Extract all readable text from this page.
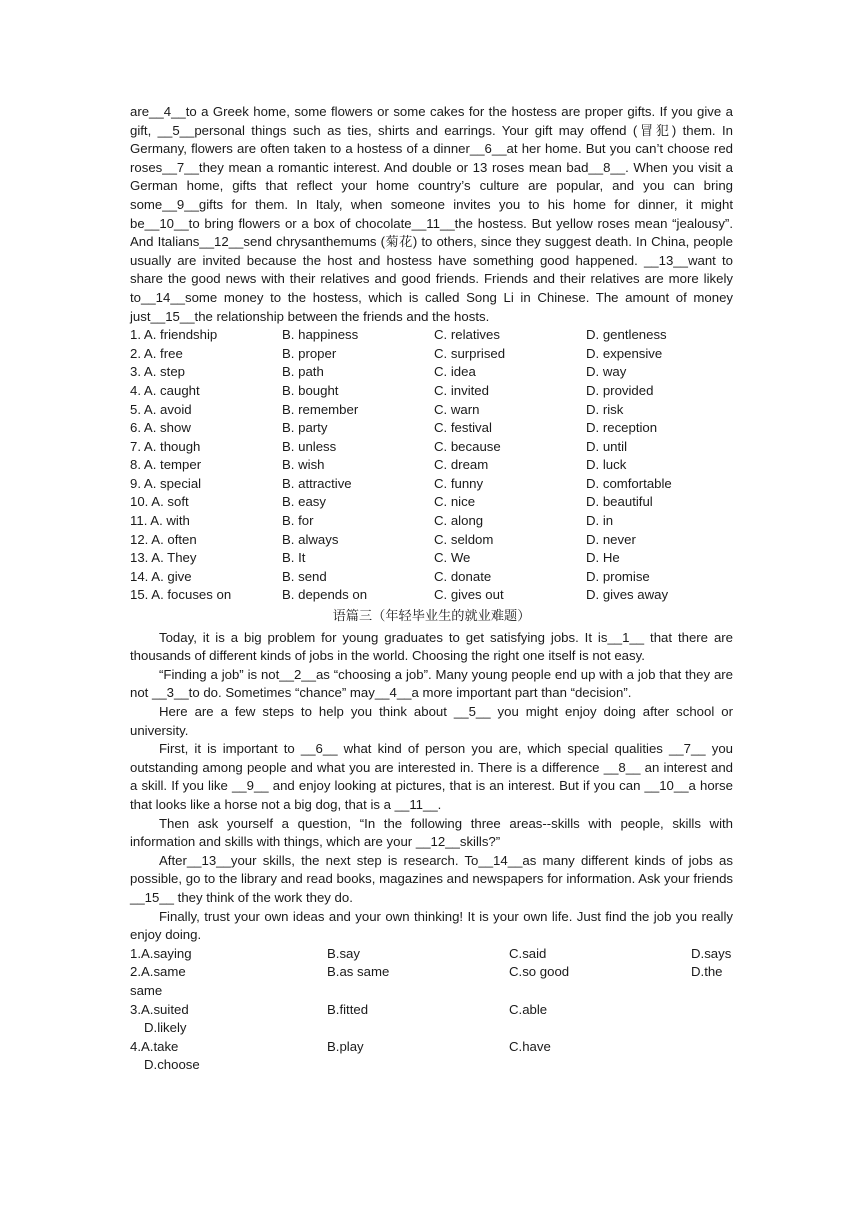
are__4__to a Greek home, some flowers or some cakes for the hostess are proper gifts. If you give a gift, __5__personal things such as ties, shirts and earrings. Your gift may offend (冒犯) them. In Germany, flowers are often taken to a hostess of a dinner__6__at her home. But you can’t choose red roses__7__they mean a romantic interest. And double or 13 roses mean bad__8__. When you visit a German home, gifts that reflect your home country’s culture are popular, and you can bring some__9__gifts for them. In Italy, when someone invites you to his home for dinner, it might be__10__to bring flowers or a box of chocolate__11__the hostess. But yellow roses mean “jealousy”. And Italians__12__send chrysanthemums (菊花) to others, since they suggest death. In China, people usually are invited because the host and hostess have something good happened. __13__want to share the good news with their relatives and good friends. Friends and their relatives are more likely to__14__some money to the hostess, which is called Song Li in Chinese. The amount of money just__15__the relationship between the friends and the hosts.

1. A. friendship	B. happiness	C. relatives	D. gentleness
2. A. free	B. proper	C. surprised	D. expensive
3. A. step	B. path	C. idea	D. way
4. A. caught	B. bought	C. invited	D. provided
5. A. avoid	B. remember	C. warn	D. risk
6. A. show	B. party	C. festival	D. reception
7. A. though	B. unless	C. because	D. until
8. A. temper	B. wish	C. dream	D. luck
9. A. special	B. attractive	C. funny	D. comfortable
10. A. soft	B. easy	C. nice	D. beautiful
11. A. with	B. for	C. along	D. in
12. A. often	B. always	C. seldom	D. never
13. A. They	B. It	C. We	D. He
14. A. give	B. send	C. donate	D. promise
15. A. focuses on	B. depends on	C. gives out	D. gives away
语篇三（年轻毕业生的就业难题）

Today, it is a big problem for young graduates to get satisfying jobs. It is__1__ that there are thousands of different kinds of jobs in the world. Choosing the right one itself is not easy.

“Finding a job” is not__2__as “choosing a job”. Many young people end up with a job that they are not __3__to do. Sometimes “chance” may__4__a more important part than “decision”.

Here are a few steps to help you think about __5__ you might enjoy doing after school or university.

First, it is important to __6__ what kind of person you are, which special qualities __7__ you outstanding among people and what you are interested in. There is a difference __8__ an interest and a skill. If you like __9__ and enjoy looking at pictures, that is an interest. But if you can __10__a horse that looks like a horse not a big dog, that is a __11__.

Then ask yourself a question, “In the following three areas--skills with people, skills with information and skills with things, which are your __12__skills?”

After__13__your skills, the next step is research. To__14__as many different kinds of jobs as possible, go to the library and read books, magazines and newspapers for information. Ask your friends __15__ they think of the work they do.

Finally, trust your own ideas and your own thinking! It is your own life. Just find the job you really enjoy doing.

1.A.saying	B.say	C.said	D.says
2.A.same	B.as same	C.so good	D.the
same
3.A.suited	B.fitted	C.able
D.likely
4.A.take	B.play	C.have
D.choose
